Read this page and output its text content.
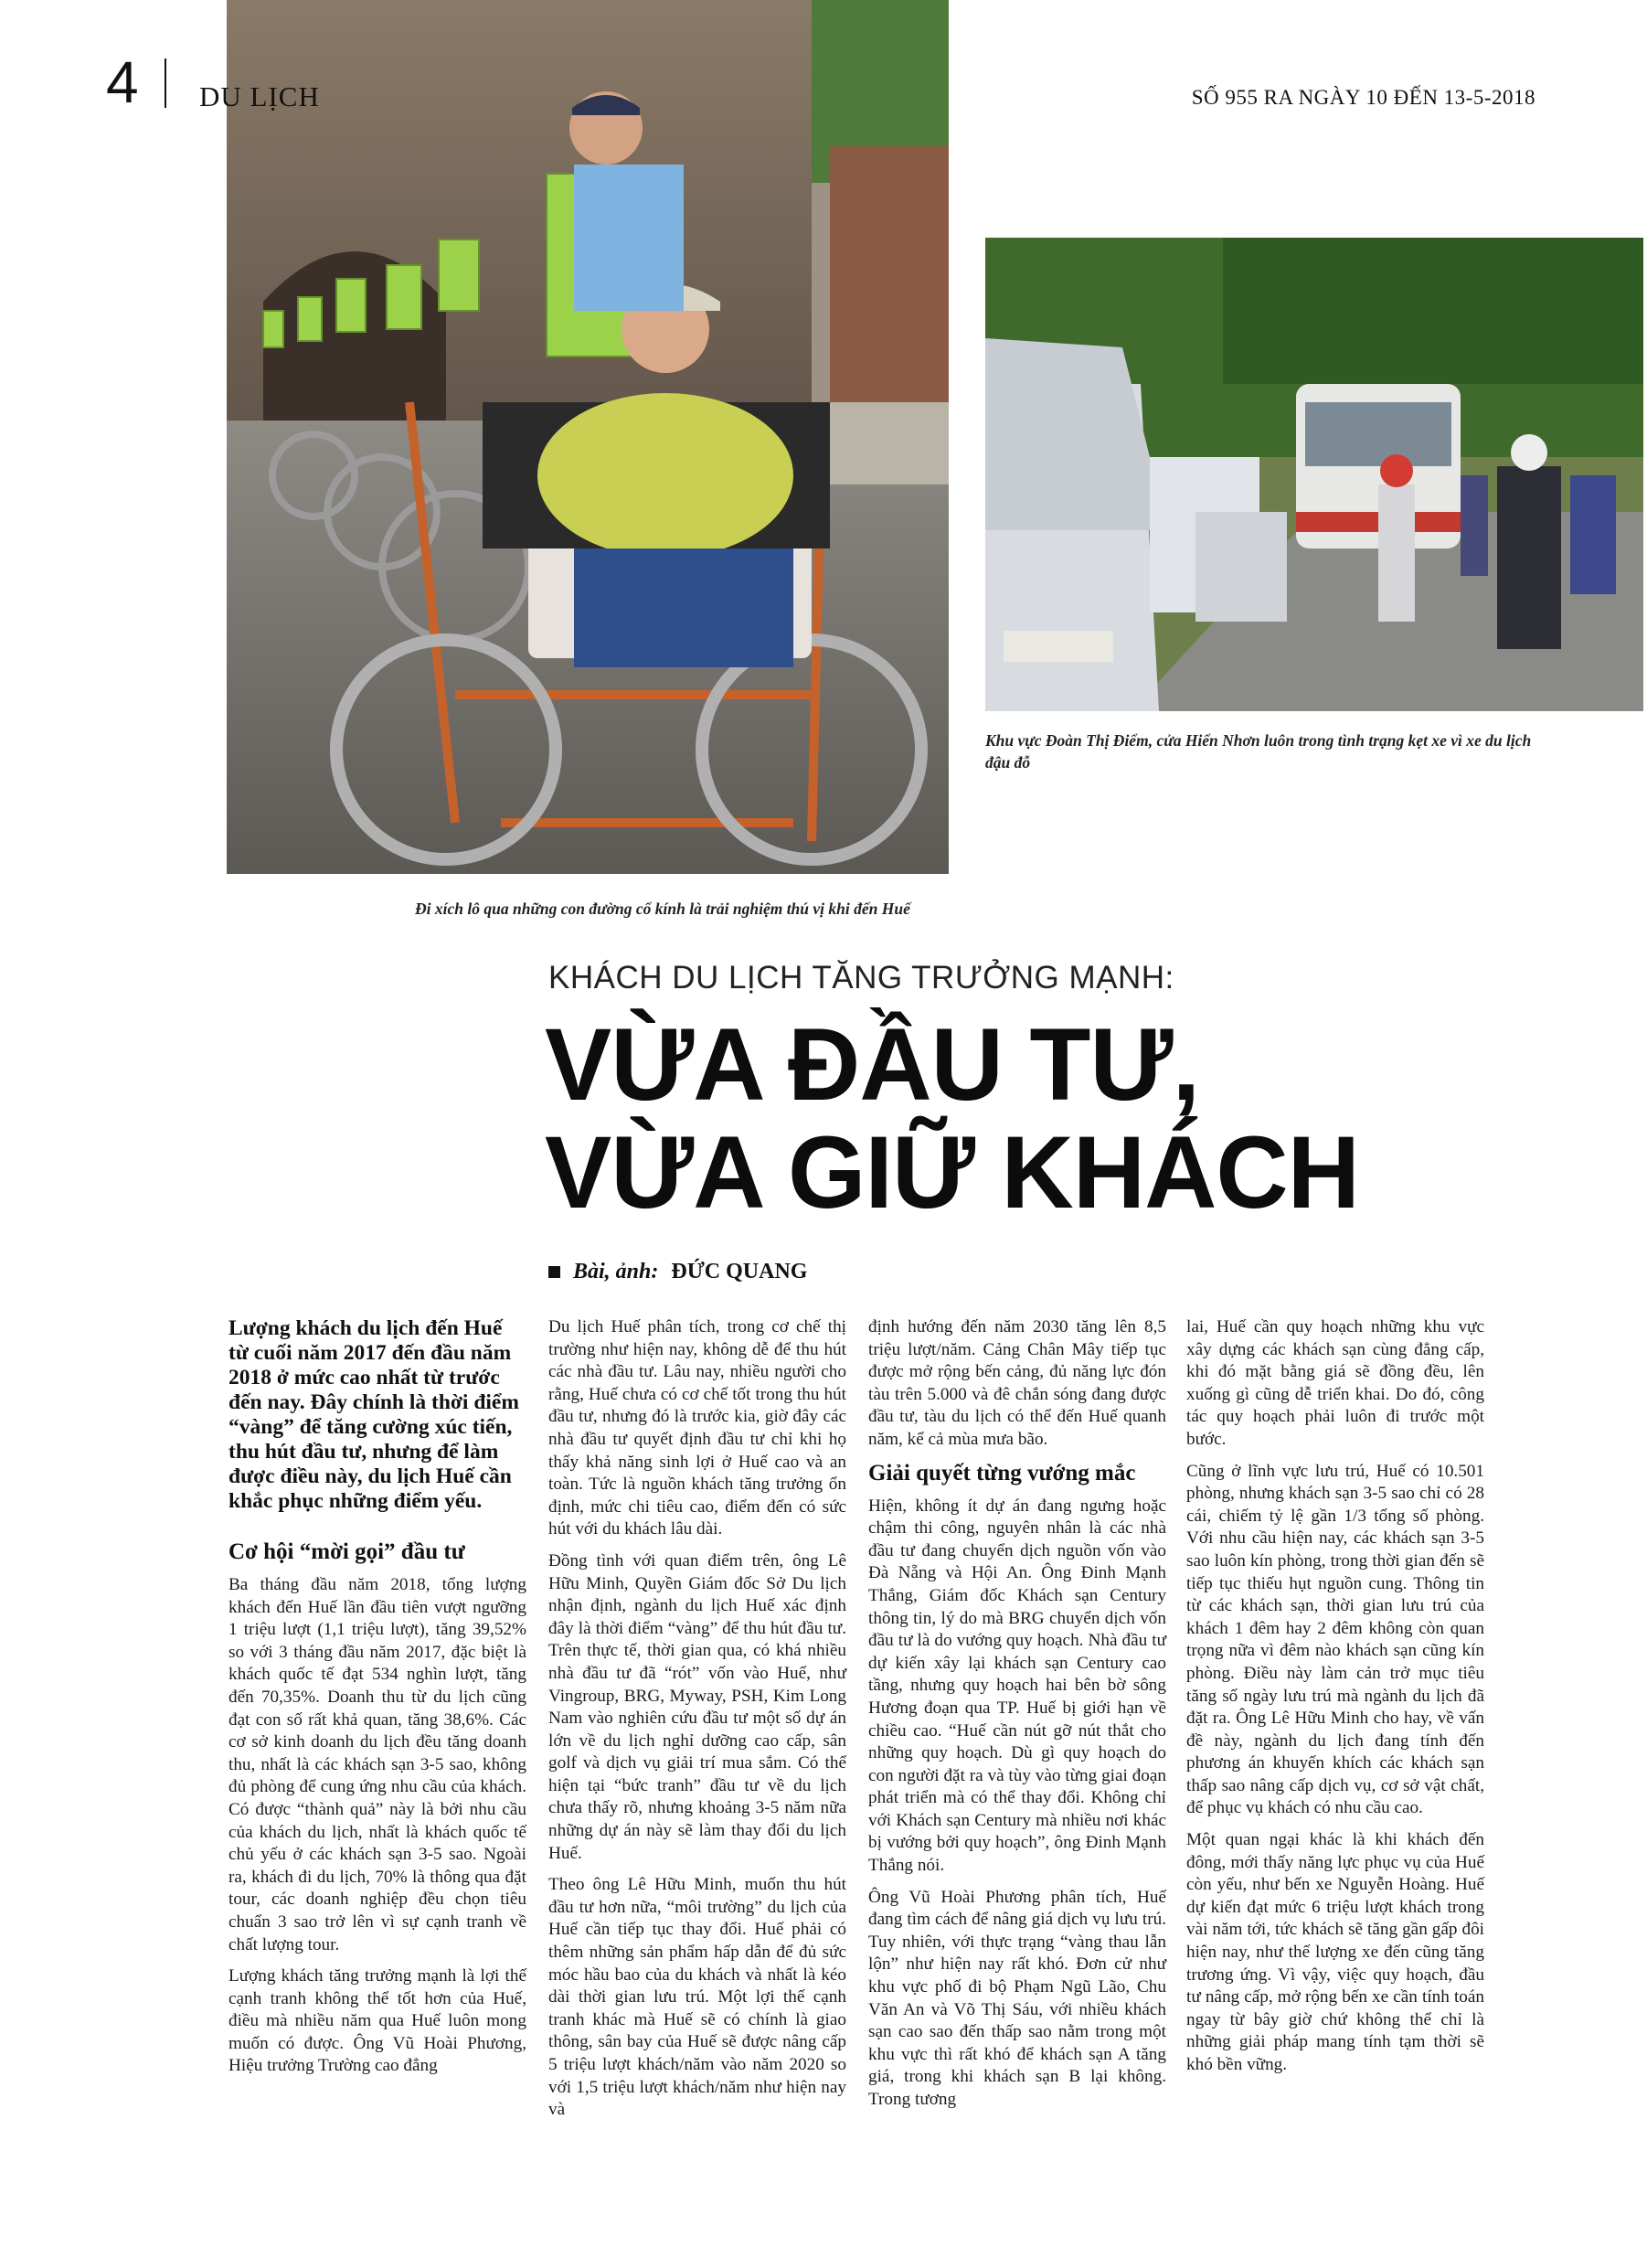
4 DU LỊCH	SỐ 955 RA NGÀY 10 ĐẾN 13-5-2018
Khu vực Đoàn Thị Điểm, cửa Hiển Nhơn luôn trong tình trạng kẹt xe vì xe du lịch đậu đỗ
Đi xích lô qua những con đường cổ kính là trải nghiệm thú vị khi đến Huế
KHÁCH DU LỊCH TĂNG TRƯỞNG MẠNH:
VỪA ĐẦU TƯ,
VỪA GIỮ KHÁCH
Bài, ảnh: ĐỨC QUANG

Lượng khách du lịch đến Huế từ cuối năm 2017 đến đầu năm 2018 ở mức cao nhất từ trước đến nay. Đây chính là thời điểm “vàng” để tăng cường xúc tiến, thu hút đầu tư, nhưng để làm được điều này, du lịch Huế cần khắc phục những điểm yếu.

Cơ hội “mời gọi” đầu tư

Ba tháng đầu năm 2018, tổng lượng khách đến Huế lần đầu tiên vượt ngưỡng 1 triệu lượt (1,1 triệu lượt), tăng 39,52% so với 3 tháng đầu năm 2017, đặc biệt là khách quốc tế đạt 534 nghìn lượt, tăng đến 70,35%. Doanh thu từ du lịch cũng đạt con số rất khả quan, tăng 38,6%. Các cơ sở kinh doanh du lịch đều tăng doanh thu, nhất là các khách sạn 3-5 sao, không đủ phòng để cung ứng nhu cầu của khách. Có được “thành quả” này là bởi nhu cầu của khách du lịch, nhất là khách quốc tế chủ yếu ở các khách sạn 3-5 sao. Ngoài ra, khách đi du lịch, 70% là thông qua đặt tour, các doanh nghiệp đều chọn tiêu chuẩn 3 sao trở lên vì sự cạnh tranh về chất lượng tour.

Lượng khách tăng trưởng mạnh là lợi thế cạnh tranh không thể tốt hơn của Huế, điều mà nhiều năm qua Huế luôn mong muốn có được. Ông Vũ Hoài Phương, Hiệu trưởng Trường cao đẳng

Du lịch Huế phân tích, trong cơ chế thị trường như hiện nay, không dễ để thu hút các nhà đầu tư. Lâu nay, nhiều người cho rằng, Huế chưa có cơ chế tốt trong thu hút đầu tư, nhưng đó là trước kia, giờ đây các nhà đầu tư quyết định đầu tư chỉ khi họ thấy khả năng sinh lợi ở Huế cao và an toàn. Tức là nguồn khách tăng trưởng ổn định, mức chi tiêu cao, điểm đến có sức hút với du khách lâu dài.

Đồng tình với quan điểm trên, ông Lê Hữu Minh, Quyền Giám đốc Sở Du lịch nhận định, ngành du lịch Huế xác định đây là thời điểm “vàng” để thu hút đầu tư. Trên thực tế, thời gian qua, có khá nhiều nhà đầu tư đã “rót” vốn vào Huế, như Vingroup, BRG, Myway, PSH, Kim Long Nam vào nghiên cứu đầu tư một số dự án lớn về du lịch nghỉ dưỡng cao cấp, sân golf và dịch vụ giải trí mua sắm. Có thể hiện tại “bức tranh” đầu tư về du lịch chưa thấy rõ, nhưng khoảng 3-5 năm nữa những dự án này sẽ làm thay đổi du lịch Huế.

Theo ông Lê Hữu Minh, muốn thu hút đầu tư hơn nữa, “môi trường” du lịch của Huế cần tiếp tục thay đổi. Huế phải có thêm những sản phẩm hấp dẫn để đủ sức móc hầu bao của du khách và nhất là kéo dài thời gian lưu trú. Một lợi thế cạnh tranh khác mà Huế sẽ có chính là giao thông, sân bay của Huế sẽ được nâng cấp 5 triệu lượt khách/năm vào năm 2020 so với 1,5 triệu lượt khách/năm như hiện nay và

định hướng đến năm 2030 tăng lên 8,5 triệu lượt/năm. Cảng Chân Mây tiếp tục được mở rộng bến cảng, đủ năng lực đón tàu trên 5.000 và đê chắn sóng đang được đầu tư, tàu du lịch có thể đến Huế quanh năm, kể cả mùa mưa bão.

Giải quyết từng vướng mắc

Hiện, không ít dự án đang ngưng hoặc chậm thi công, nguyên nhân là các nhà đầu tư đang chuyển dịch nguồn vốn vào Đà Nẵng và Hội An. Ông Đinh Mạnh Thắng, Giám đốc Khách sạn Century thông tin, lý do mà BRG chuyển dịch vốn đầu tư là do vướng quy hoạch. Nhà đầu tư dự kiến xây lại khách sạn Century cao tầng, nhưng quy hoạch hai bên bờ sông Hương đoạn qua TP. Huế bị giới hạn về chiều cao. “Huế cần nút gỡ nút thắt cho những quy hoạch. Dù gì quy hoạch do con người đặt ra và tùy vào từng giai đoạn phát triển mà có thể thay đổi. Không chỉ với Khách sạn Century mà nhiều nơi khác bị vướng bởi quy hoạch”, ông Đinh Mạnh Thắng nói.

Ông Vũ Hoài Phương phân tích, Huế đang tìm cách để nâng giá dịch vụ lưu trú. Tuy nhiên, với thực trạng “vàng thau lẫn lộn” như hiện nay rất khó. Đơn cử như khu vực phố đi bộ Phạm Ngũ Lão, Chu Văn An và Võ Thị Sáu, với nhiều khách sạn cao sao đến thấp sao nằm trong một khu vực thì rất khó để khách sạn A tăng giá, trong khi khách sạn B lại không. Trong tương

lai, Huế cần quy hoạch những khu vực xây dựng các khách sạn cùng đẳng cấp, khi đó mặt bằng giá sẽ đồng đều, lên xuống gì cũng dễ triển khai. Do đó, công tác quy hoạch phải luôn đi trước một bước.

Cũng ở lĩnh vực lưu trú, Huế có 10.501 phòng, nhưng khách sạn 3-5 sao chỉ có 28 cái, chiếm tỷ lệ gần 1/3 tổng số phòng. Với nhu cầu hiện nay, các khách sạn 3-5 sao luôn kín phòng, trong thời gian đến sẽ tiếp tục thiếu hụt nguồn cung. Thông tin từ các khách sạn, thời gian lưu trú của khách 1 đêm hay 2 đêm không còn quan trọng nữa vì đêm nào khách sạn cũng kín phòng. Điều này làm cản trở mục tiêu tăng số ngày lưu trú mà ngành du lịch đã đặt ra. Ông Lê Hữu Minh cho hay, về vấn đề này, ngành du lịch đang tính đến phương án khuyến khích các khách sạn thấp sao nâng cấp dịch vụ, cơ sở vật chất, để phục vụ khách có nhu cầu cao.

Một quan ngại khác là khi khách đến đông, mới thấy năng lực phục vụ của Huế còn yếu, như bến xe Nguyễn Hoàng. Huế dự kiến đạt mức 6 triệu lượt khách trong vài năm tới, tức khách sẽ tăng gần gấp đôi hiện nay, như thế lượng xe đến cũng tăng trương ứng. Vì vậy, việc quy hoạch, đầu tư nâng cấp, mở rộng bến xe cần tính toán ngay từ bây giờ chứ không thể chỉ là những giải pháp mang tính tạm thời sẽ khó bền vững.
